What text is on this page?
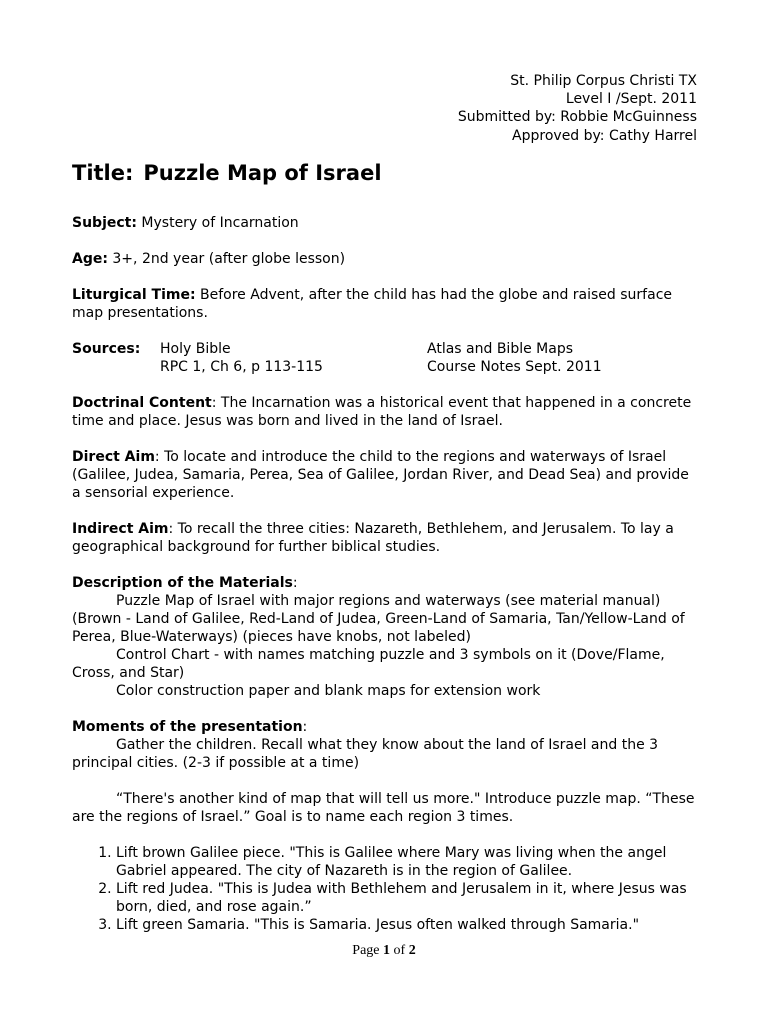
St. Philip Corpus Christi TX
Level I /Sept. 2011
Submitted by: Robbie McGuinness
Approved by: Cathy Harrel
Title: Puzzle Map of Israel

Subject: Mystery of Incarnation

Age: 3+, 2nd year (after globe lesson)

Liturgical Time: Before Advent, after the child has had the globe and raised surface map presentations.

Sources: Holy Bible
RPC 1, Ch 6, p 113-115
Atlas and Bible Maps
Course Notes Sept. 2011

Doctrinal Content: The Incarnation was a historical event that happened in a concrete time and place. Jesus was born and lived in the land of Israel.

Direct Aim: To locate and introduce the child to the regions and waterways of Israel (Galilee, Judea, Samaria, Perea, Sea of Galilee, Jordan River, and Dead Sea) and provide a sensorial experience.

Indirect Aim: To recall the three cities: Nazareth, Bethlehem, and Jerusalem. To lay a geographical background for further biblical studies.

Description of the Materials:
Puzzle Map of Israel with major regions and waterways (see material manual) (Brown - Land of Galilee, Red-Land of Judea, Green-Land of Samaria, Tan/Yellow-Land of Perea, Blue-Waterways) (pieces have knobs, not labeled)
Control Chart - with names matching puzzle and 3 symbols on it (Dove/Flame, Cross, and Star)
Color construction paper and blank maps for extension work
Moments of the presentation:
Gather the children. Recall what they know about the land of Israel and the 3 principal cities. (2-3 if possible at a time)
“There's another kind of map that will tell us more." Introduce puzzle map. “These are the regions of Israel.” Goal is to name each region 3 times.
1. Lift brown Galilee piece. "This is Galilee where Mary was living when the angel Gabriel appeared. The city of Nazareth is in the region of Galilee.
2. Lift red Judea. "This is Judea with Bethlehem and Jerusalem in it, where Jesus was born, died, and rose again.”
3. Lift green Samaria. "This is Samaria. Jesus often walked through Samaria."
Page 1 of 2
